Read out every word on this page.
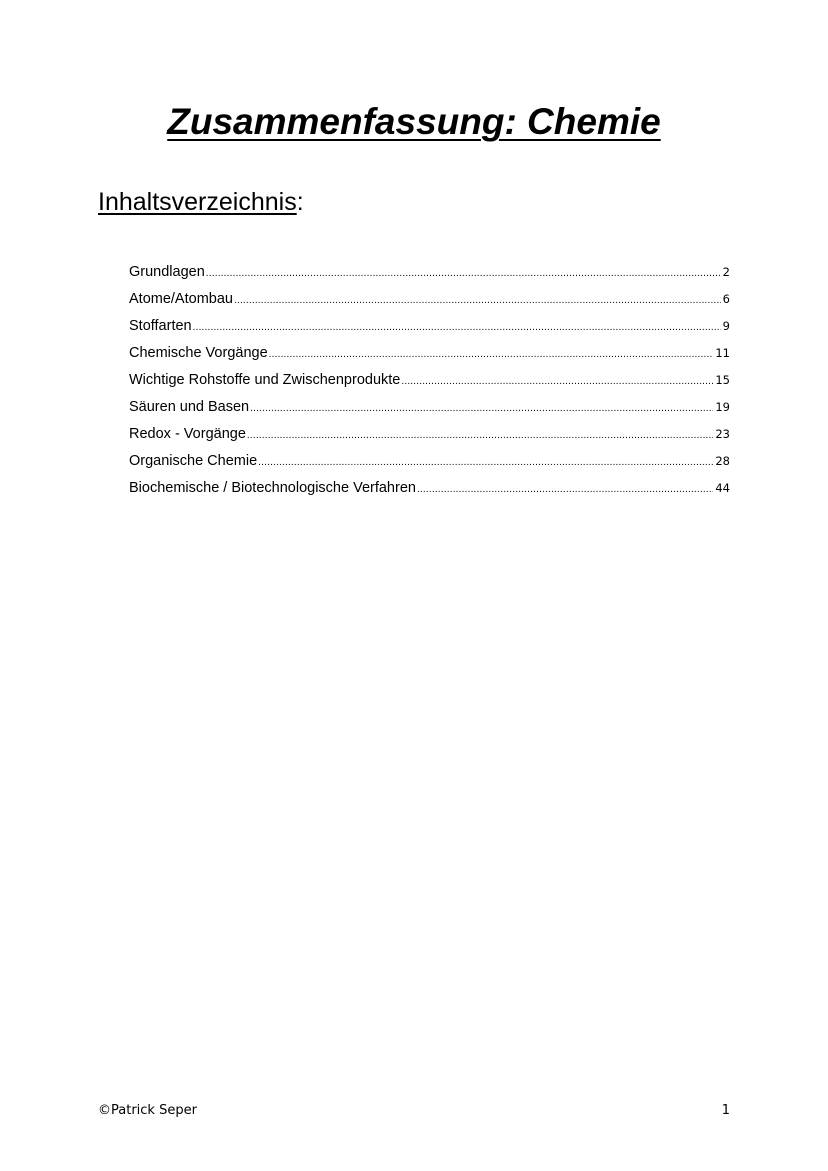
Zusammenfassung: Chemie
Inhaltsverzeichnis:
Grundlagen .....	2
Atome/Atombau .....	6
Stoffarten .....	9
Chemische Vorgänge .....	11
Wichtige Rohstoffe und Zwischenprodukte .....	15
Säuren und Basen .....	19
Redox - Vorgänge .....	23
Organische Chemie .....	28
Biochemische / Biotechnologische Verfahren .....	44
©Patrick Seper	1
